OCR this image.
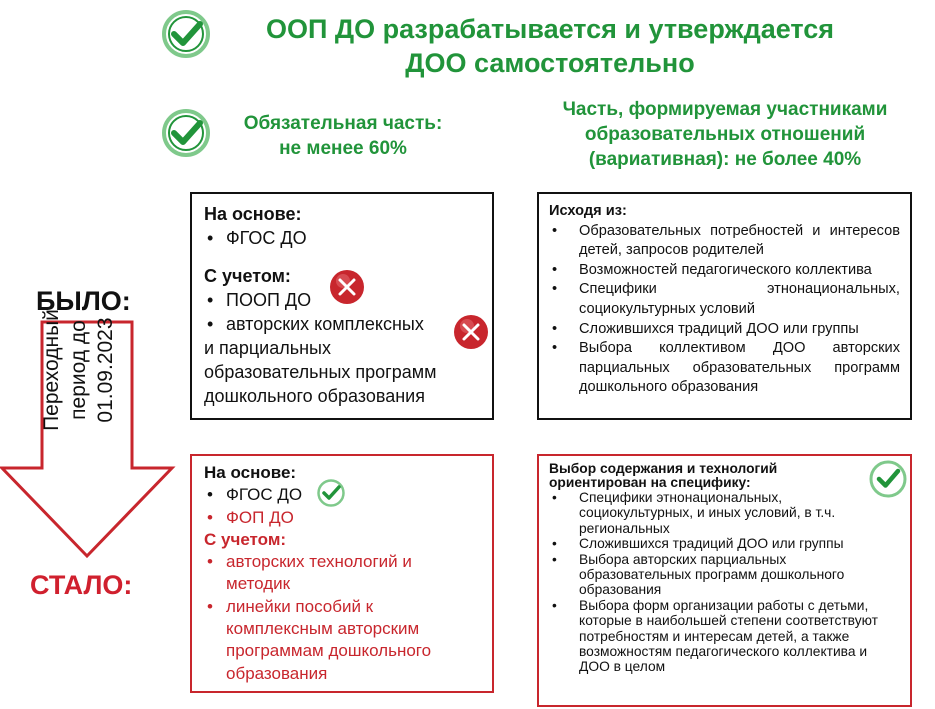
ООП ДО разрабатывается и утверждается
ДОО самостоятельно
Обязательная часть:
не менее 60%
Часть, формируемая участниками
образовательных отношений
(вариативная): не более 40%
БЫЛО:
Переходный период до 01.09.2023
СТАЛО:
На основе:
• ФГОС ДО
С учетом:
• ПООП ДО
• авторских комплексных
и парциальных
образовательных программ
дошкольного образования
Исходя из:
• Образовательных потребностей и интересов детей, запросов родителей
• Возможностей педагогического коллектива
• Специфики этнонациональных, социокультурных условий
• Сложившихся традиций ДОО или группы
• Выбора коллективом ДОО авторских парциальных образовательных программ дошкольного образования
На основе:
• ФГОС ДО
• ФОП ДО
С учетом:
• авторских технологий и методик
• линейки пособий к комплексным авторским программам дошкольного образования
Выбор содержания и технологий
ориентирован на специфику:
• Специфики этнонациональных, социокультурных, и иных условий, в т.ч. региональных
• Сложившихся традиций ДОО или группы
• Выбора авторских парциальных образовательных программ дошкольного образования
• Выбора форм организации работы с детьми, которые в наибольшей степени соответствуют потребностям и интересам детей, а также возможностям педагогического коллектива и ДОО в целом
